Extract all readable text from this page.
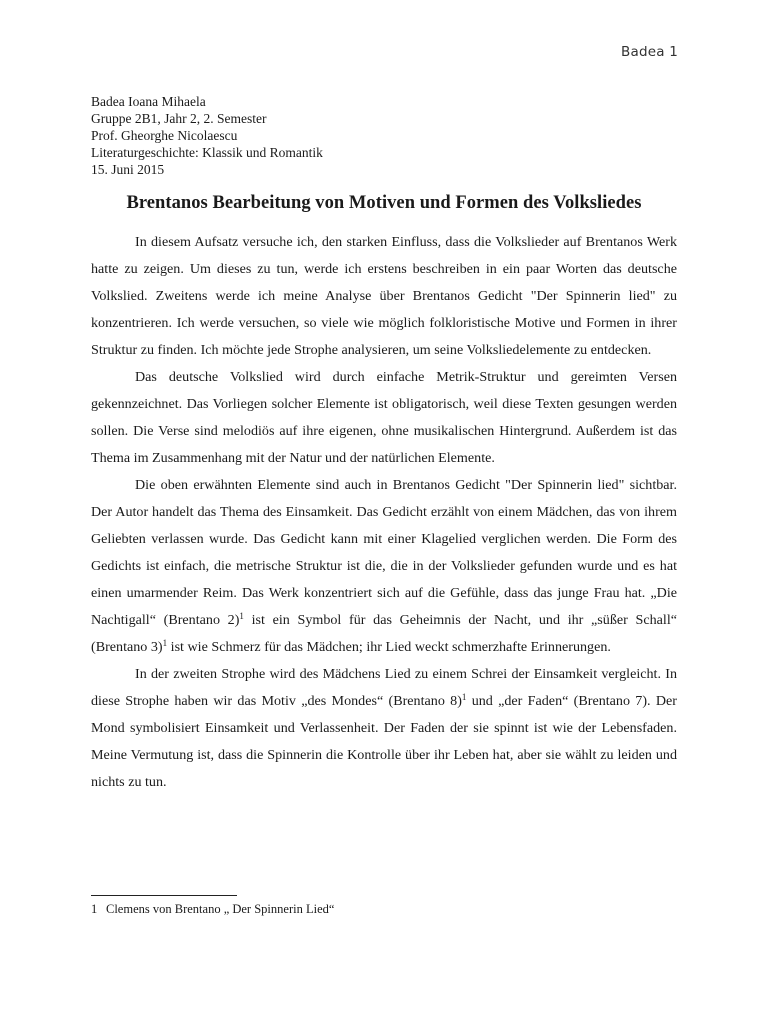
Badea 1
Badea Ioana Mihaela
Gruppe 2B1, Jahr 2, 2. Semester
Prof. Gheorghe Nicolaescu
Literaturgeschichte: Klassik und Romantik
15. Juni 2015
Brentanos Bearbeitung von Motiven und Formen des Volksliedes

In diesem Aufsatz versuche ich, den starken Einfluss, dass die Volkslieder auf Brentanos Werk hatte zu zeigen. Um dieses zu tun, werde ich erstens beschreiben in ein paar Worten das deutsche Volkslied. Zweitens werde ich meine Analyse über Brentanos Gedicht "Der Spinnerin lied" zu konzentrieren. Ich werde versuchen, so viele wie möglich folkloristische Motive und Formen in ihrer Struktur zu finden. Ich möchte jede Strophe analysieren, um seine Volksliedelemente zu entdecken.

Das deutsche Volkslied wird durch einfache Metrik-Struktur und gereimten Versen gekennzeichnet. Das Vorliegen solcher Elemente ist obligatorisch, weil diese Texten gesungen werden sollen. Die Verse sind melodiös auf ihre eigenen, ohne musikalischen Hintergrund. Außerdem ist das Thema im Zusammenhang mit der Natur und der natürlichen Elemente.

Die oben erwähnten Elemente sind auch in Brentanos Gedicht "Der Spinnerin lied" sichtbar. Der Autor handelt das Thema des Einsamkeit. Das Gedicht erzählt von einem Mädchen, das von ihrem Geliebten verlassen wurde. Das Gedicht kann mit einer Klagelied verglichen werden. Die Form des Gedichts ist einfach, die metrische Struktur ist die, die in der Volkslieder gefunden wurde und es hat einen umarmender Reim. Das Werk konzentriert sich auf die Gefühle, dass das junge Frau hat. „Die Nachtigall“ (Brentano 2)$^1$ ist ein Symbol für das Geheimnis der Nacht, und ihr „süßer Schall“ (Brentano 3)$^1$ ist wie Schmerz für das Mädchen; ihr Lied weckt schmerzhafte Erinnerungen.

In der zweiten Strophe wird des Mädchens Lied zu einem Schrei der Einsamkeit vergleicht. In diese Strophe haben wir das Motiv „des Mondes“ (Brentano 8)$^1$ und „der Faden“ (Brentano 7). Der Mond symbolisiert Einsamkeit und Verlassenheit. Der Faden der sie spinnt ist wie der Lebensfaden. Meine Vermutung ist, dass die Spinnerin die Kontrolle über ihr Leben hat, aber sie wählt zu leiden und nichts zu tun.

1 Clemens von Brentano „ Der Spinnerin Lied“
